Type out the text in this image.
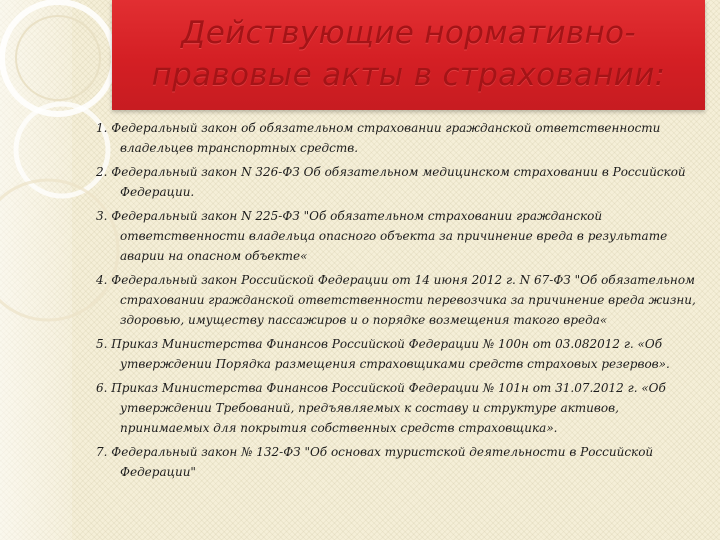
Действующие нормативно-правовые акты в страховании:
1. Федеральный закон об обязательном страховании гражданской ответственности владельцев транспортных средств.
2. Федеральный закон N 326-ФЗ Об обязательном медицинском страховании в Российской Федерации.
3. Федеральный закон N 225-ФЗ "Об обязательном страховании гражданской ответственности владельца опасного объекта за причинение вреда в результате аварии на опасном объекте«
4. Федеральный закон Российской Федерации от 14 июня 2012 г. N 67-ФЗ "Об обязательном страховании гражданской ответственности перевозчика за причинение вреда жизни, здоровью, имуществу пассажиров и о порядке возмещения такого вреда«
5. Приказ Министерства Финансов Российской Федерации № 100н от 03.082012 г. «Об утверждении Порядка размещения страховщиками средств страховых резервов».
6. Приказ Министерства Финансов Российской Федерации № 101н от 31.07.2012 г. «Об утверждении Требований, предъявляемых к составу и структуре активов, принимаемых для покрытия собственных средств страховщика».
7. Федеральный закон № 132-ФЗ "Об основах туристской деятельности в Российской Федерации"
